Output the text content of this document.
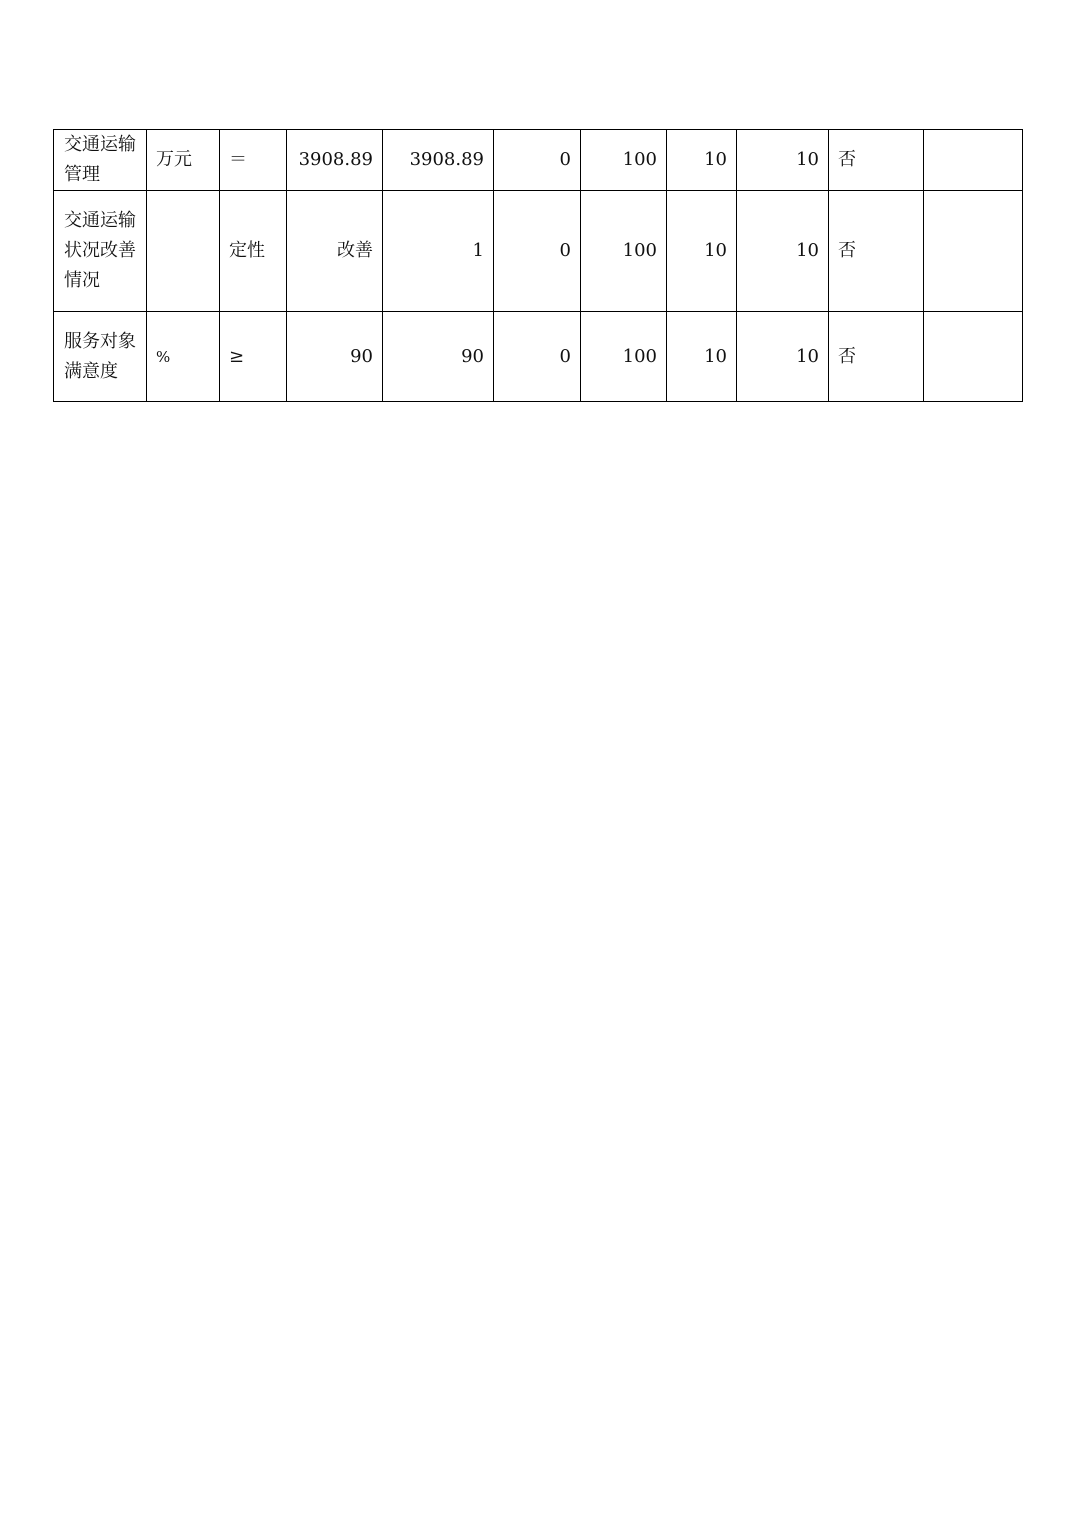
交通运输管理	万元	＝	3908.89	3908.89	0	100	10	10	否	
交通运输状况改善情况		定性	改善	1	0	100	10	10	否	
服务对象满意度	%	≥	90	90	0	100	10	10	否	
